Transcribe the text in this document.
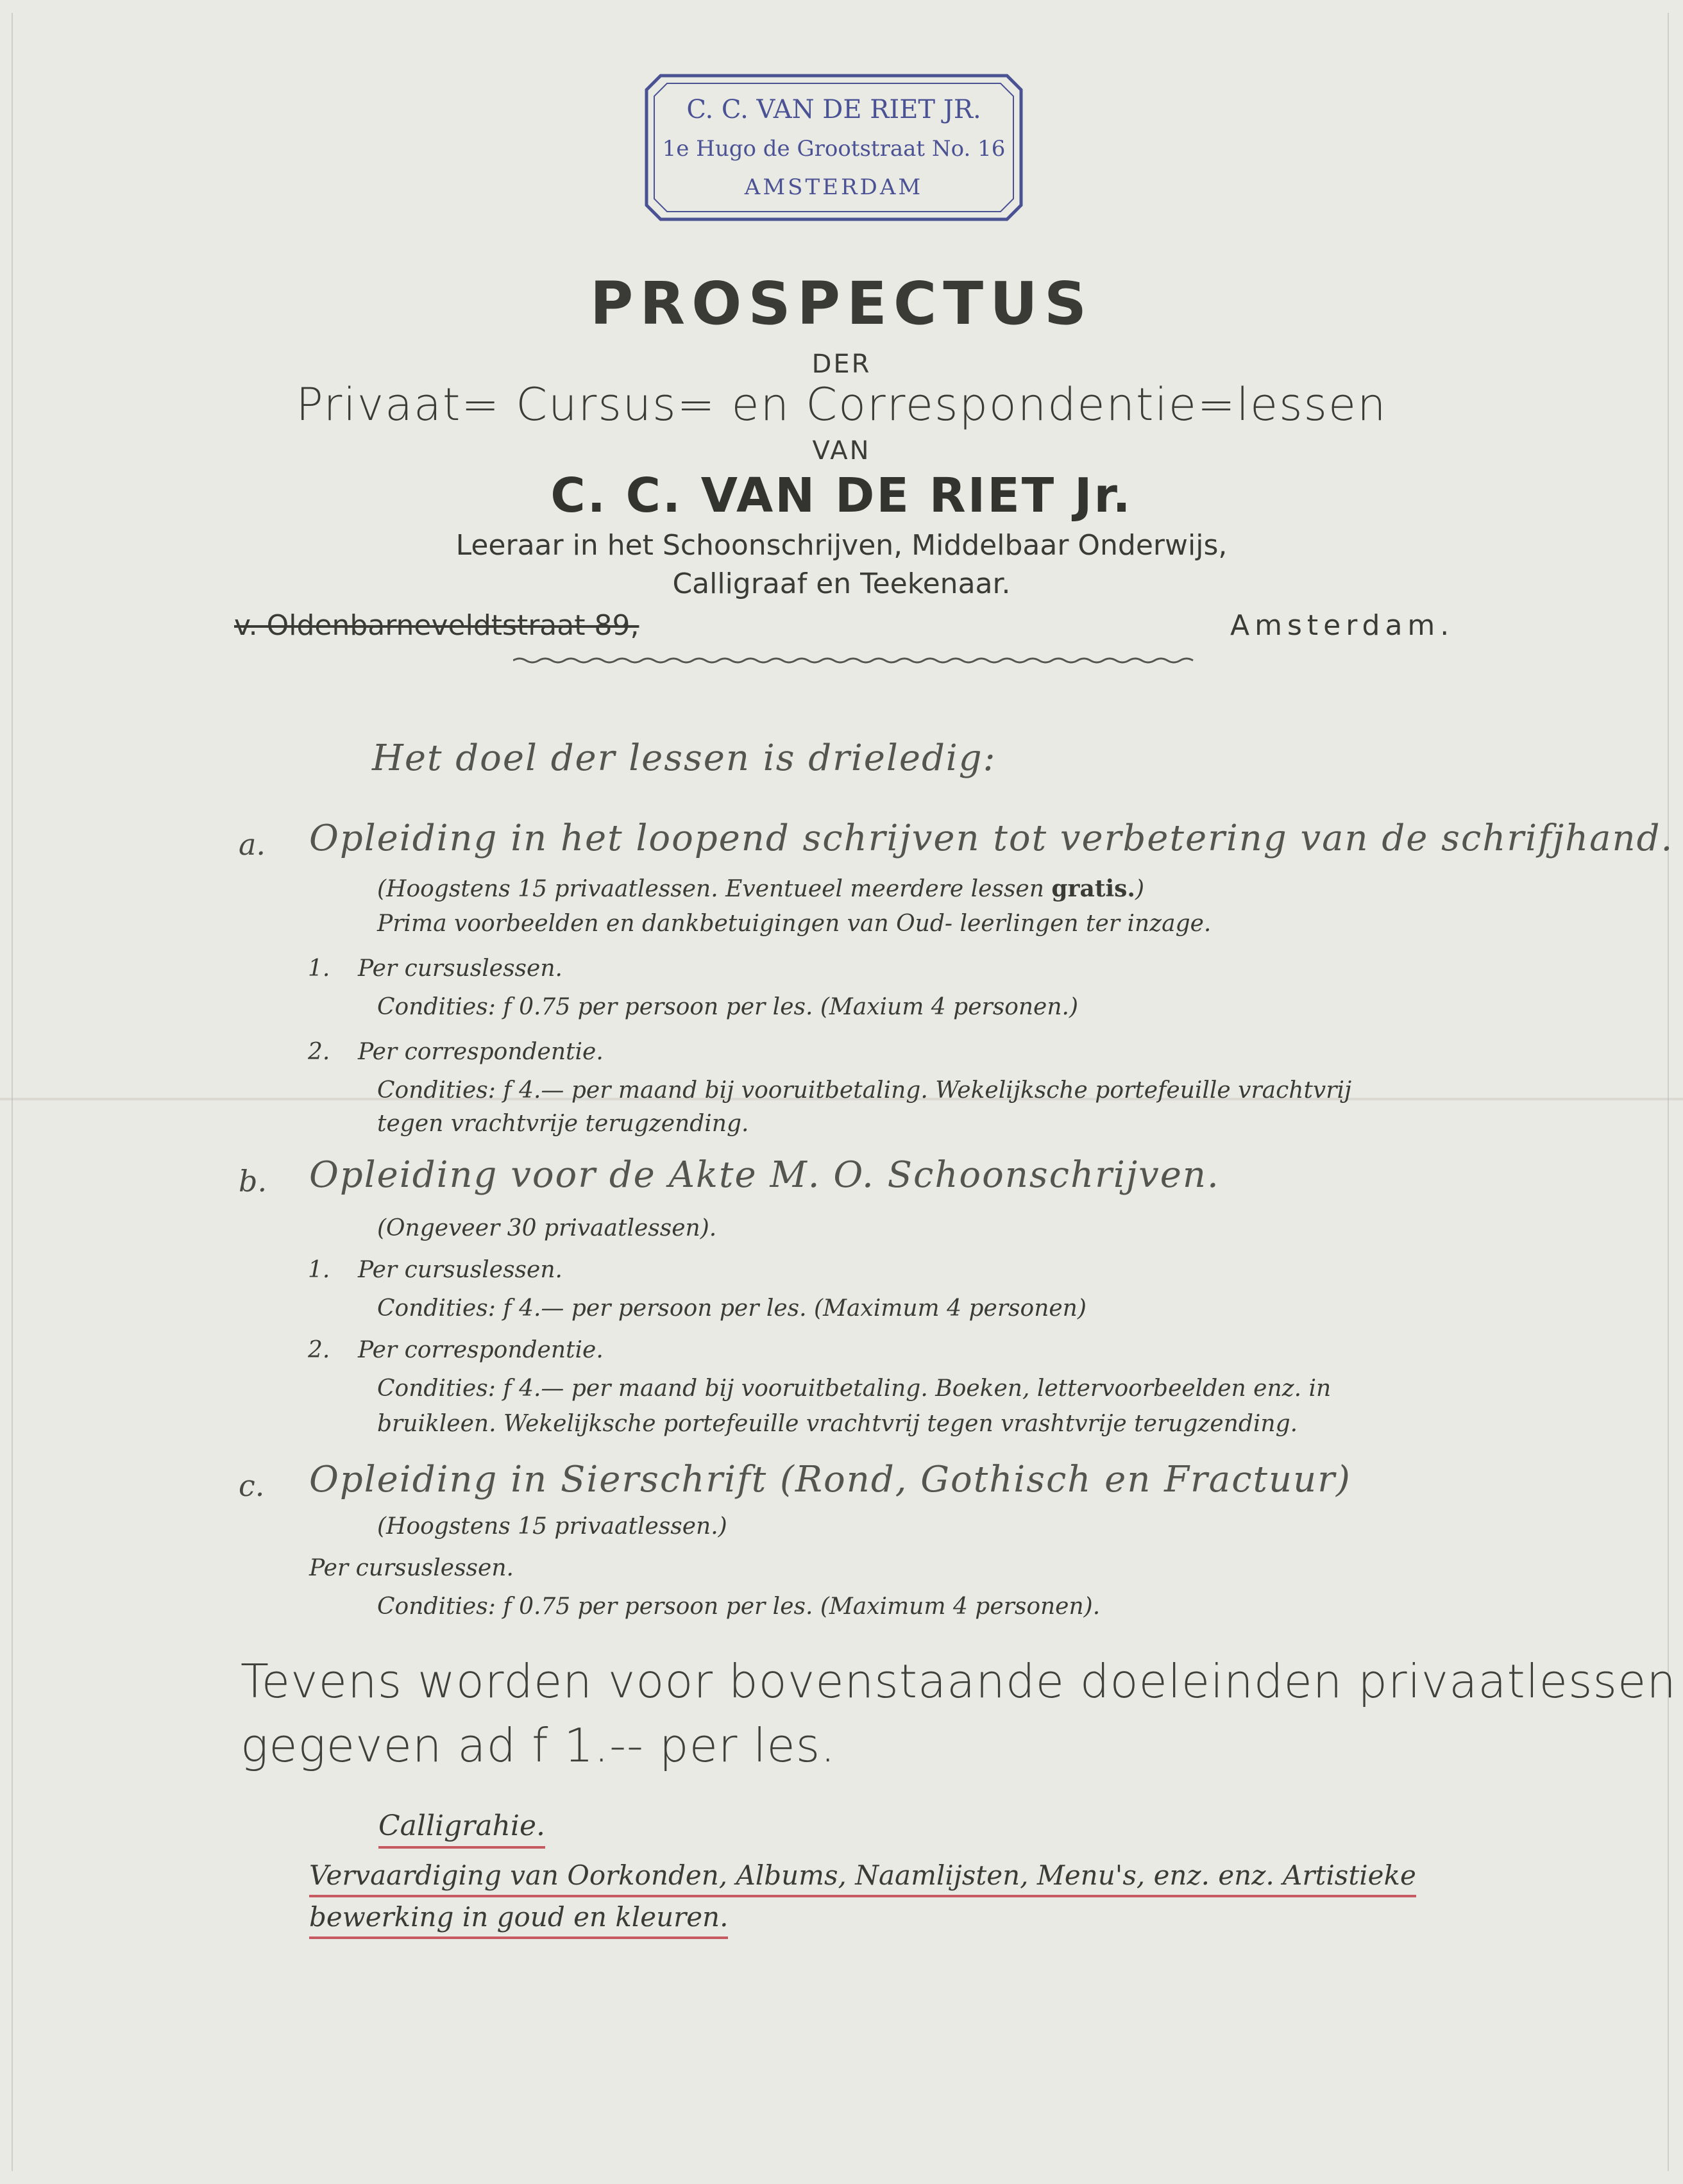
C. C. VAN DE RIET JR.
1e Hugo de Grootstraat No. 16
AMSTERDAM
PROSPECTUS
DER
Privaat= Cursus= en Correspondentie=lessen
VAN
C. C. VAN DE RIET Jr.
Leeraar in het Schoonschrijven, Middelbaar Onderwijs,
Calligraaf en Teekenaar.
v. Oldenbarneveldtstraat 89,	Amsterdam.
Het doel der lessen is drieledig:
a. Opleiding in het loopend schrijven tot verbetering van de schrifjhand.
(Hoogstens 15 privaatlessen. Eventueel meerdere lessen gratis.)
Prima voorbeelden en dankbetuigingen van Oud- leerlingen ter inzage.
1. Per cursuslessen.
Condities: f 0.75 per persoon per les. (Maxium 4 personen.)
2. Per correspondentie.
Condities: f 4.— per maand bij vooruitbetaling. Wekelijksche portefeuille vrachtvrij
tegen vrachtvrije terugzending.
b. Opleiding voor de Akte M. O. Schoonschrijven.
(Ongeveer 30 privaatlessen).
1. Per cursuslessen.
Condities: f 4.— per persoon per les. (Maximum 4 personen)
2. Per correspondentie.
Condities: f 4.— per maand bij vooruitbetaling. Boeken, lettervoorbeelden enz. in
bruikleen. Wekelijksche portefeuille vrachtvrij tegen vrashtvrije terugzending.
c. Opleiding in Sierschrift (Rond, Gothisch en Fractuur)
(Hoogstens 15 privaatlessen.)
Per cursuslessen.
Condities: f 0.75 per persoon per les. (Maximum 4 personen).
Tevens worden voor bovenstaande doeleinden privaatlessen
gegeven ad f 1.-- per les.
Calligrahie.
Vervaardiging van Oorkonden, Albums, Naamlijsten, Menu's, enz. enz. Artistieke
bewerking in goud en kleuren.
